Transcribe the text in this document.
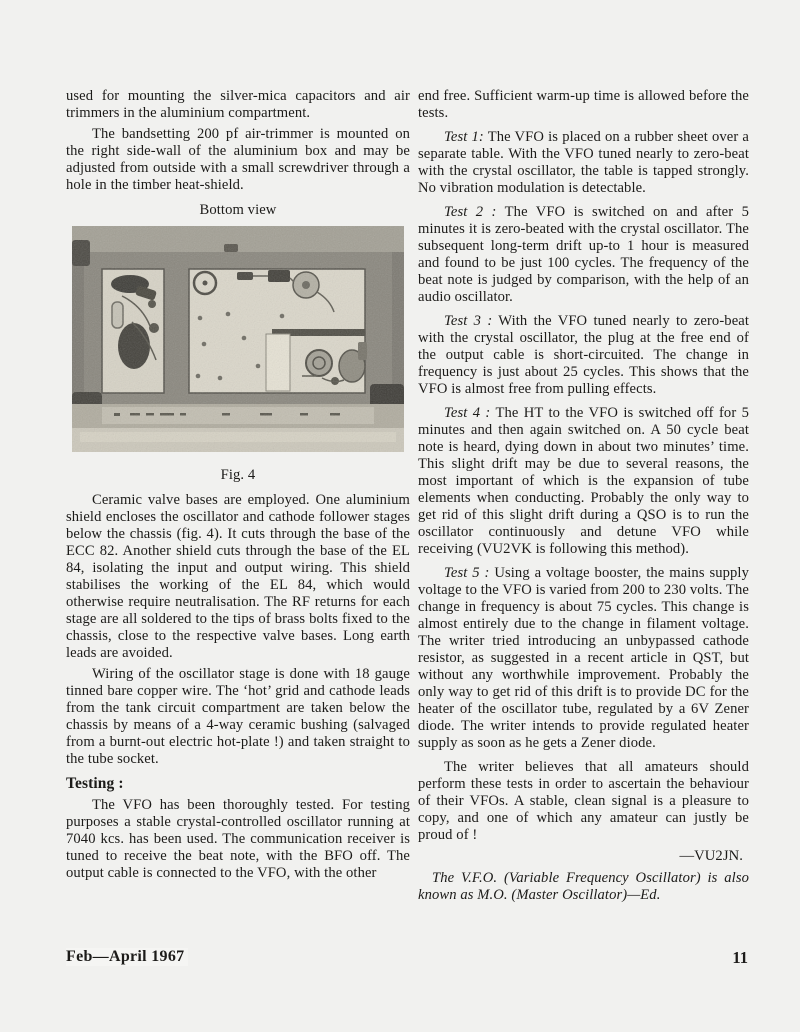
used for mounting the silver-mica capacitors and air trimmers in the aluminium compartment.

The bandsetting 200 pf air-trimmer is mounted on the right side-wall of the aluminium box and may be adjusted from outside with a small screwdriver through a hole in the timber heat-shield.

Bottom view
Fig. 4

Ceramic valve bases are employed. One aluminium shield encloses the oscillator and cathode follower stages below the chassis (fig. 4). It cuts through the base of the ECC 82. Another shield cuts through the base of the EL 84, isolating the input and output wiring. This shield stabilises the working of the EL 84, which would otherwise require neutralisation. The RF returns for each stage are all soldered to the tips of brass bolts fixed to the chassis, close to the respective valve bases. Long earth leads are avoided.

Wiring of the oscillator stage is done with 18 gauge tinned bare copper wire. The ‘hot’ grid and cathode leads from the tank circuit compartment are taken below the chassis by means of a 4-way ceramic bushing (salvaged from a burnt-out electric hot-plate !) and taken straight to the tube socket.

Testing :

The VFO has been thoroughly tested. For testing purposes a stable crystal-controlled oscillator running at 7040 kcs. has been used. The communication receiver is tuned to receive the beat note, with the BFO off. The output cable is connected to the VFO, with the other

end free. Sufficient warm-up time is allowed before the tests.

Test 1: The VFO is placed on a rubber sheet over a separate table. With the VFO tuned nearly to zero-beat with the crystal oscillator, the table is tapped strongly. No vibration modulation is detectable.

Test 2 : The VFO is switched on and after 5 minutes it is zero-beated with the crystal oscillator. The subsequent long-term drift up-to 1 hour is measured and found to be just 100 cycles. The frequency of the beat note is judged by comparison, with the help of an audio oscillator.

Test 3 : With the VFO tuned nearly to zero-beat with the crystal oscillator, the plug at the free end of the output cable is short-circuited. The change in frequency is just about 25 cycles. This shows that the VFO is almost free from pulling effects.

Test 4 : The HT to the VFO is switched off for 5 minutes and then again switched on. A 50 cycle beat note is heard, dying down in about two minutes’ time. This slight drift may be due to several reasons, the most important of which is the expansion of tube elements when conducting. Probably the only way to get rid of this slight drift during a QSO is to run the oscillator continuously and detune VFO while receiving (VU2VK is following this method).

Test 5 : Using a voltage booster, the mains supply voltage to the VFO is varied from 200 to 230 volts. The change in frequency is about 75 cycles. This change is almost entirely due to the change in filament voltage. The writer tried introducing an unbypassed cathode resistor, as suggested in a recent article in QST, but without any worthwhile improvement. Probably the only way to get rid of this drift is to provide DC for the heater of the oscillator tube, regulated by a 6V Zener diode. The writer intends to provide regulated heater supply as soon as he gets a Zener diode.

The writer believes that all amateurs should perform these tests in order to ascertain the behaviour of their VFOs. A stable, clean signal is a pleasure to copy, and one of which any amateur can justly be proud of !

—VU2JN.

The V.F.O. (Variable Frequency Oscillator) is also known as M.O. (Master Oscillator)—Ed.

Feb—April 1967	11
